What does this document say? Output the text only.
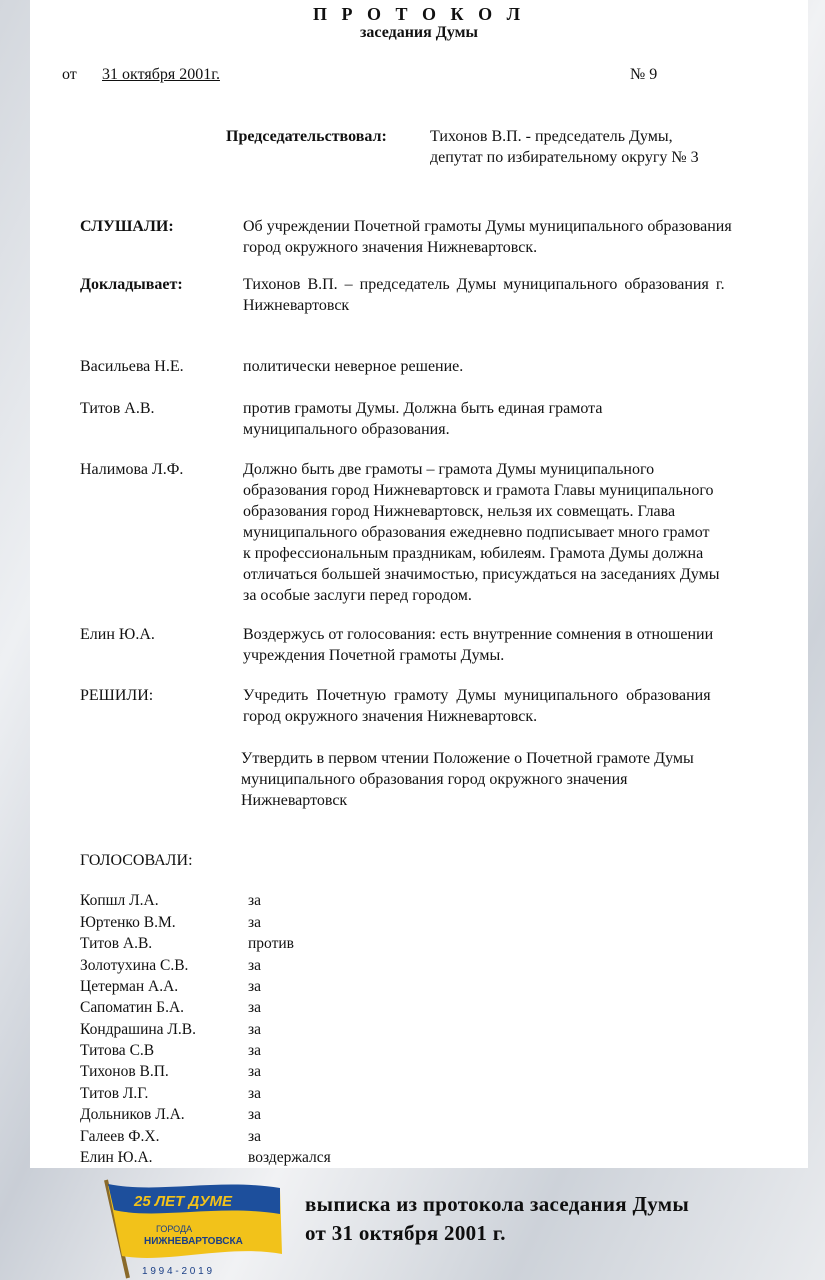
П Р О Т О К О Л
заседания Думы
от 31 октября 2001г.	№ 9
Председательствовал:	Тихонов В.П. - председатель Думы,
депутат по избирательному округу № 3
СЛУШАЛИ:	Об учреждении Почетной грамоты Думы муниципального образования
город окружного значения Нижневартовск.
Докладывает:	Тихонов В.П. – председатель Думы муниципального образования г.
Нижневартовск
Васильева Н.Е.	политически неверное решение.
Титов А.В.	против грамоты Думы. Должна быть единая грамота
муниципального образования.
Налимова Л.Ф.	Должно быть две грамоты – грамота Думы муниципального
образования город Нижневартовск и грамота Главы муниципального
образования город Нижневартовск, нельзя их совмещать. Глава
муниципального образования ежедневно подписывает много грамот
к профессиональным праздникам, юбилеям. Грамота Думы должна
отличаться большей значимостью, присуждаться на заседаниях Думы
за особые заслуги перед городом.
Елин Ю.А.	Воздержусь от голосования: есть внутренние сомнения в отношении
учреждения Почетной грамоты Думы.
РЕШИЛИ:	Учредить Почетную грамоту Думы муниципального образования
город окружного значения Нижневартовск.
Утвердить в первом чтении Положение о Почетной грамоте Думы
муниципального образования город окружного значения
Нижневартовск
ГОЛОСОВАЛИ:
Копшл Л.А.	за
Юртенко В.М.	за
Титов А.В.	против
Золотухина С.В.	за
Цетерман А.А.	за
Сапоматин Б.А.	за
Кондрашина Л.В.	за
Титова С.В	за
Тихонов В.П.	за
Титов Л.Г.	за
Дольников Л.А.	за
Галеев Ф.Х.	за
Елин Ю.А.	воздержался
25 ЛЕТ ДУМЕ
ГОРОДА
НИЖНЕВАРТОВСКА
1 9 9 4 - 2 0 1 9
выписка из протокола заседания Думы
от 31 октября 2001 г.
